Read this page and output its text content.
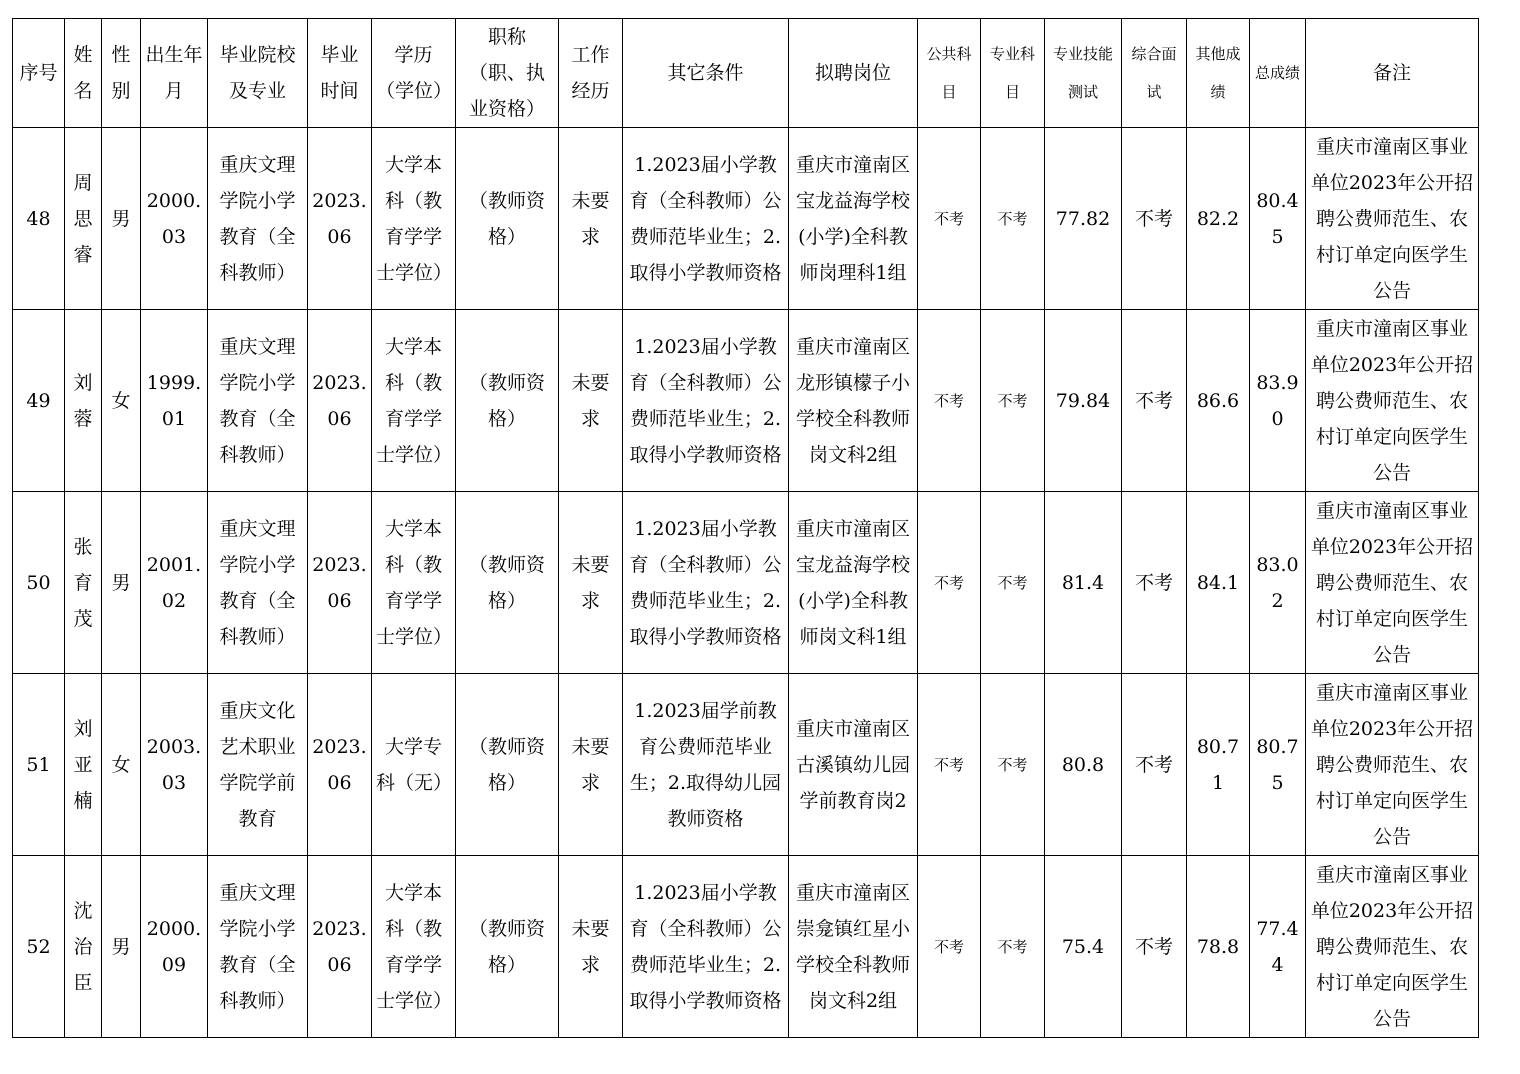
序号	姓名	性别	出生年月	毕业院校及专业	毕业时间	学历（学位）	职称（职、执业资格）	工作经历	其它条件	拟聘岗位	公共科目	专业科目	专业技能测试	综合面试	其他成绩	总成绩	备注
48	周思睿	男	2000.03	重庆文理学院小学教育（全科教师）	2023.06	大学本科（教育学学士学位）	（教师资格）	未要求	1.2023届小学教育（全科教师）公费师范毕业生；2.取得小学教师资格	重庆市潼南区宝龙益海学校(小学)全科教师岗理科1组	不考	不考	77.82	不考	82.2	80.45	重庆市潼南区事业单位2023年公开招聘公费师范生、农村订单定向医学生公告
49	刘蓉	女	1999.01	重庆文理学院小学教育（全科教师）	2023.06	大学本科（教育学学士学位）	（教师资格）	未要求	1.2023届小学教育（全科教师）公费师范毕业生；2.取得小学教师资格	重庆市潼南区龙形镇檬子小学校全科教师岗文科2组	不考	不考	79.84	不考	86.6	83.90	重庆市潼南区事业单位2023年公开招聘公费师范生、农村订单定向医学生公告
50	张育茂	男	2001.02	重庆文理学院小学教育（全科教师）	2023.06	大学本科（教育学学士学位）	（教师资格）	未要求	1.2023届小学教育（全科教师）公费师范毕业生；2.取得小学教师资格	重庆市潼南区宝龙益海学校(小学)全科教师岗文科1组	不考	不考	81.4	不考	84.1	83.02	重庆市潼南区事业单位2023年公开招聘公费师范生、农村订单定向医学生公告
51	刘亚楠	女	2003.03	重庆文化艺术职业学院学前教育	2023.06	大学专科（无）	（教师资格）	未要求	1.2023届学前教育公费师范毕业生；2.取得幼儿园教师资格	重庆市潼南区古溪镇幼儿园学前教育岗2	不考	不考	80.8	不考	80.71	80.75	重庆市潼南区事业单位2023年公开招聘公费师范生、农村订单定向医学生公告
52	沈治臣	男	2000.09	重庆文理学院小学教育（全科教师）	2023.06	大学本科（教育学学士学位）	（教师资格）	未要求	1.2023届小学教育（全科教师）公费师范毕业生；2.取得小学教师资格	重庆市潼南区崇龛镇红星小学校全科教师岗文科2组	不考	不考	75.4	不考	78.8	77.44	重庆市潼南区事业单位2023年公开招聘公费师范生、农村订单定向医学生公告
